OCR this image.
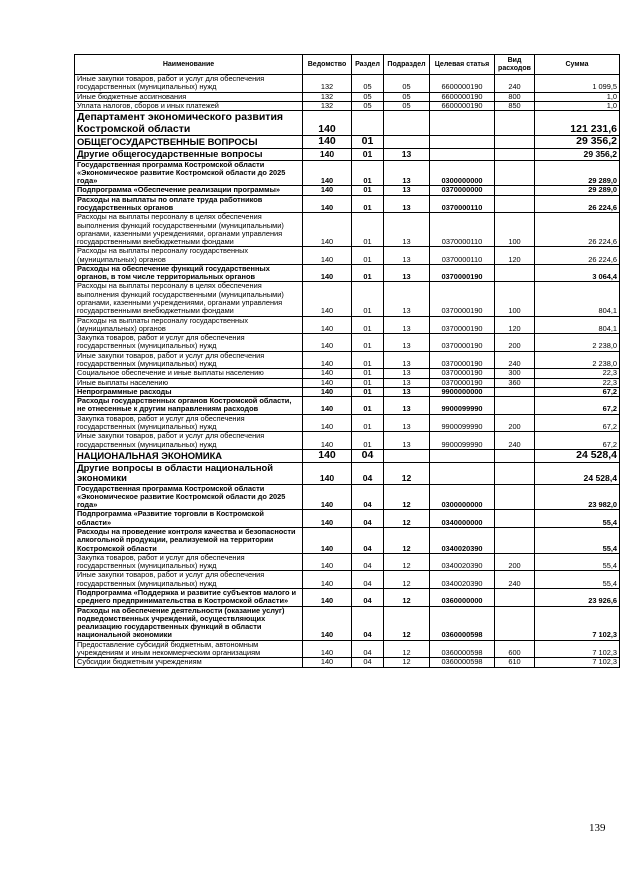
Наименование	Ведомство	Раздел	Подраздел	Целевая статья	Вид расходов	Сумма
Иные закупки товаров, работ и услуг для обеспечения государственных (муниципальных) нужд	132	05	05	6600000190	240	1 099,5
Иные бюджетные ассигнования	132	05	05	6600000190	800	1,0
Уплата налогов, сборов и иных платежей	132	05	05	6600000190	850	1,0
Департамент экономического развития Костромской области	140					121 231,6
ОБЩЕГОСУДАРСТВЕННЫЕ ВОПРОСЫ	140	01				29 356,2
Другие общегосударственные вопросы	140	01	13			29 356,2
Государственная программа Костромской области «Экономическое развитие Костромской области до 2025 года»	140	01	13	0300000000		29 289,0
Подпрограмма «Обеспечение реализации программы»	140	01	13	0370000000		29 289,0
Расходы на выплаты по оплате труда работников государственных органов	140	01	13	0370000110		26 224,6
Расходы на выплаты персоналу в целях обеспечения выполнения функций государственными (муниципальными) органами, казенными учреждениями, органами управления государственными внебюджетными фондами	140	01	13	0370000110	100	26 224,6
Расходы на выплаты персоналу государственных (муниципальных) органов	140	01	13	0370000110	120	26 224,6
Расходы на обеспечение функций государственных органов, в том числе территориальных органов	140	01	13	0370000190		3 064,4
Расходы на выплаты персоналу в целях обеспечения выполнения функций государственными (муниципальными) органами, казенными учреждениями, органами управления государственными внебюджетными фондами	140	01	13	0370000190	100	804,1
Расходы на выплаты персоналу государственных (муниципальных) органов	140	01	13	0370000190	120	804,1
Закупка товаров, работ и услуг для обеспечения государственных (муниципальных) нужд	140	01	13	0370000190	200	2 238,0
Иные закупки товаров, работ и услуг для обеспечения государственных (муниципальных) нужд	140	01	13	0370000190	240	2 238,0
Социальное обеспечение и иные выплаты населению	140	01	13	0370000190	300	22,3
Иные выплаты населению	140	01	13	0370000190	360	22,3
Непрограммные расходы	140	01	13	9900000000		67,2
Расходы государственных органов Костромской области, не отнесенные к другим направлениям расходов	140	01	13	9900099990		67,2
Закупка товаров, работ и услуг для обеспечения государственных (муниципальных) нужд	140	01	13	9900099990	200	67,2
Иные закупки товаров, работ и услуг для обеспечения государственных (муниципальных) нужд	140	01	13	9900099990	240	67,2
НАЦИОНАЛЬНАЯ ЭКОНОМИКА	140	04				24 528,4
Другие вопросы в области национальной экономики	140	04	12			24 528,4
Государственная программа Костромской области «Экономическое развитие Костромской области до 2025 года»	140	04	12	0300000000		23 982,0
Подпрограмма «Развитие торговли в Костромской области»	140	04	12	0340000000		55,4
Расходы на проведение контроля качества и безопасности алкогольной продукции, реализуемой на территории Костромской области	140	04	12	0340020390		55,4
Закупка товаров, работ и услуг для обеспечения государственных (муниципальных) нужд	140	04	12	0340020390	200	55,4
Иные закупки товаров, работ и услуг для обеспечения государственных (муниципальных) нужд	140	04	12	0340020390	240	55,4
Подпрограмма «Поддержка и развитие субъектов малого и среднего предпринимательства в Костромской области»	140	04	12	0360000000		23 926,6
Расходы на обеспечение деятельности (оказание услуг) подведомственных учреждений, осуществляющих реализацию государственных функций в области национальной экономики	140	04	12	0360000598		7 102,3
Предоставление субсидий бюджетным, автономным учреждениям и иным некоммерческим организациям	140	04	12	0360000598	600	7 102,3
Субсидии бюджетным учреждениям	140	04	12	0360000598	610	7 102,3
139
